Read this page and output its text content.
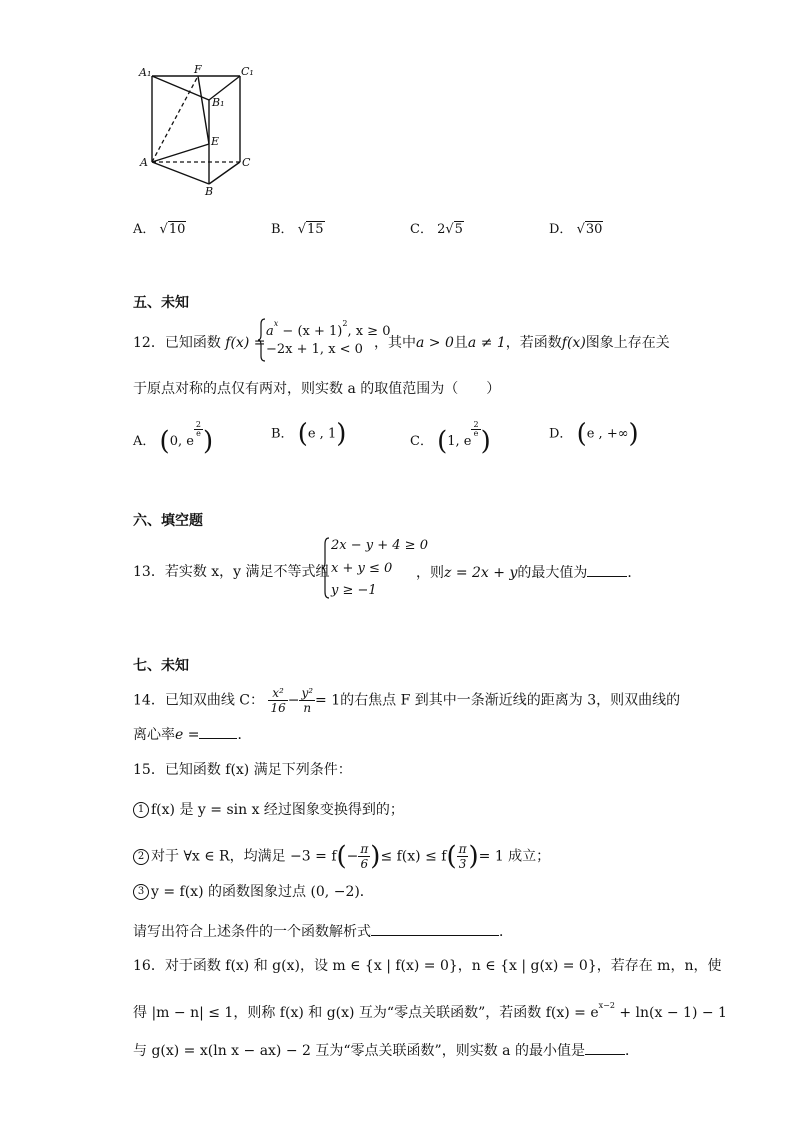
A₁	F	C₁
B₁
E
A	C
B
A． √10	B． √15	C． 2√5	D． √30
五、未知
12．已知函数 f(x) =
$a^x - (x + 1)^2$, x ≥ 0
−2x + 1, x < 0 ，其中a > 0且a ≠ 1，若函数f(x)图象上存在关
于原点对称的点仅有两对，则实数 a 的取值范围为（　　）
A． (0, e
$\frac{2}{e}$ )	B． (e , 1)	C． (1, e
$\frac{2}{e}$ )	D． (e , +∞)
六、填空题
13．若实数 x，y 满足不等式组
2x − y + 4 ≥ 0
x + y ≤ 0
y ≥ −1
，则z = 2x + y的最大值为	．
七、未知
14．已知双曲线 C： $\frac{\text{x²}}{16} - \frac{\text{y²}}{n} = 1$的右焦点 F 到其中一条渐近线的距离为 3，则双曲线的
离心率e =	．
15．已知函数 f(x) 满足下列条件：
1 f(x) 是 y = sin x 经过图象变换得到的；
2 对于 ∀x ∈ R，均满足 $-3 = f(- \frac{\pi}{6}$ )≤ $f(x) \le f( \frac{\pi}{3}$ )= 1 成立；
3 y = f(x) 的函数图象过点 (0, −2)．
请写出符合上述条件的一个函数解析式	．
16．对于函数 f(x) 和 g(x)，设 m ∈ {x | f(x) = 0}，n ∈ {x | g(x) = 0}，若存在 m，n，使
得 |m − n| ≤ 1，则称 f(x) 和 g(x) 互为“零点关联函数”，若函数 $f(x) = e^{x-2} + \ln(x - 1) - 1$
与 g(x) = x(ln x − ax) − 2 互为“零点关联函数”，则实数 a 的最小值是	．
